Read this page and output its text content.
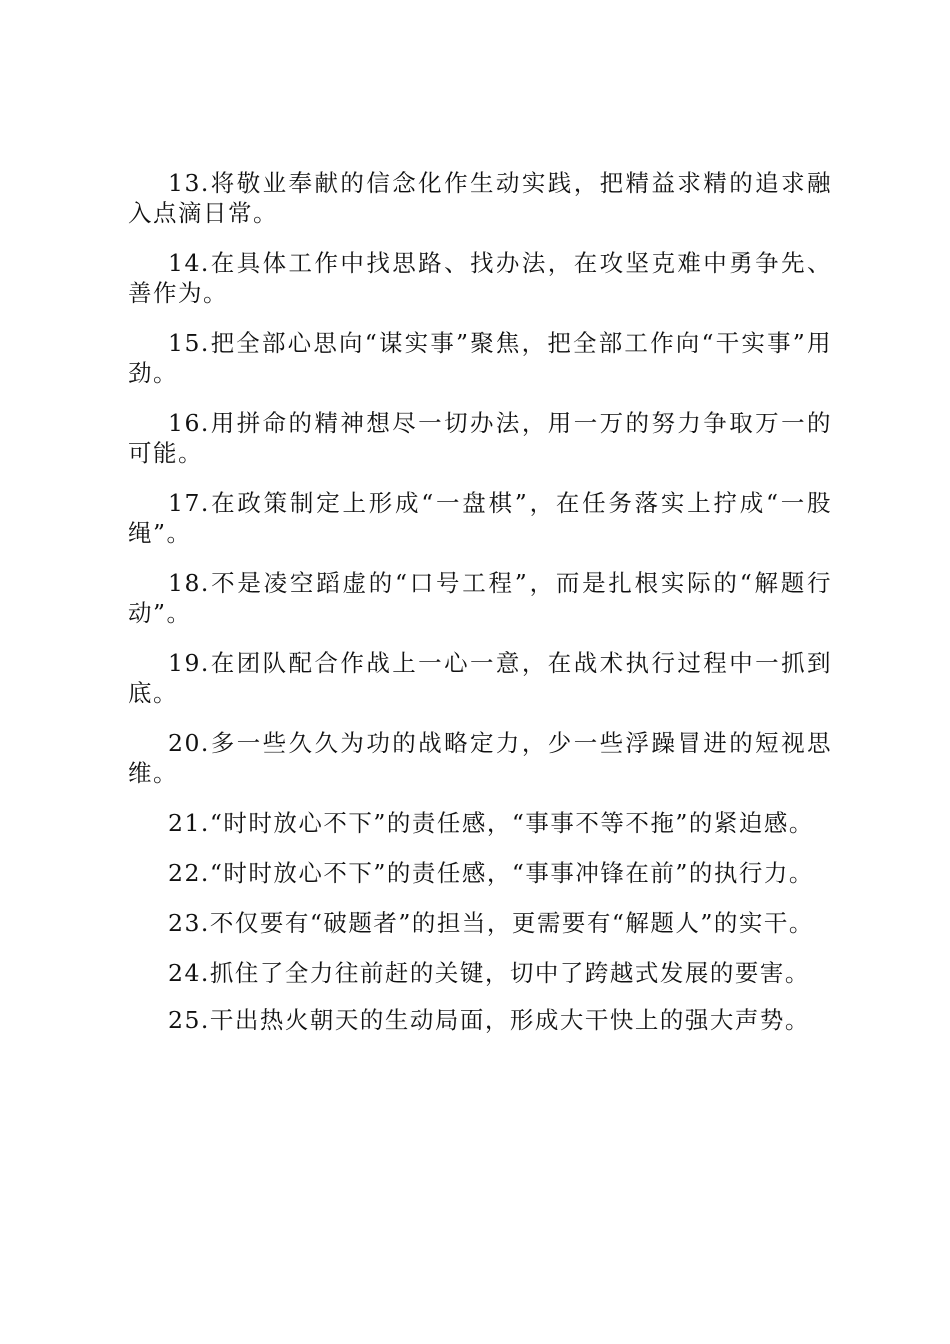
13.将敬业奉献的信念化作生动实践，把精益求精的追求融入点滴日常。

14.在具体工作中找思路、找办法，在攻坚克难中勇争先、善作为。

15.把全部心思向“谋实事”聚焦，把全部工作向“干实事”用劲。

16.用拼命的精神想尽一切办法，用一万的努力争取万一的可能。

17.在政策制定上形成“一盘棋”，在任务落实上拧成“一股绳”。

18.不是凌空蹈虚的“口号工程”，而是扎根实际的“解题行动”。

19.在团队配合作战上一心一意，在战术执行过程中一抓到底。

20.多一些久久为功的战略定力，少一些浮躁冒进的短视思维。

21.“时时放心不下”的责任感，“事事不等不拖”的紧迫感。

22.“时时放心不下”的责任感，“事事冲锋在前”的执行力。

23.不仅要有“破题者”的担当，更需要有“解题人”的实干。

24.抓住了全力往前赶的关键，切中了跨越式发展的要害。

25.干出热火朝天的生动局面，形成大干快上的强大声势。
